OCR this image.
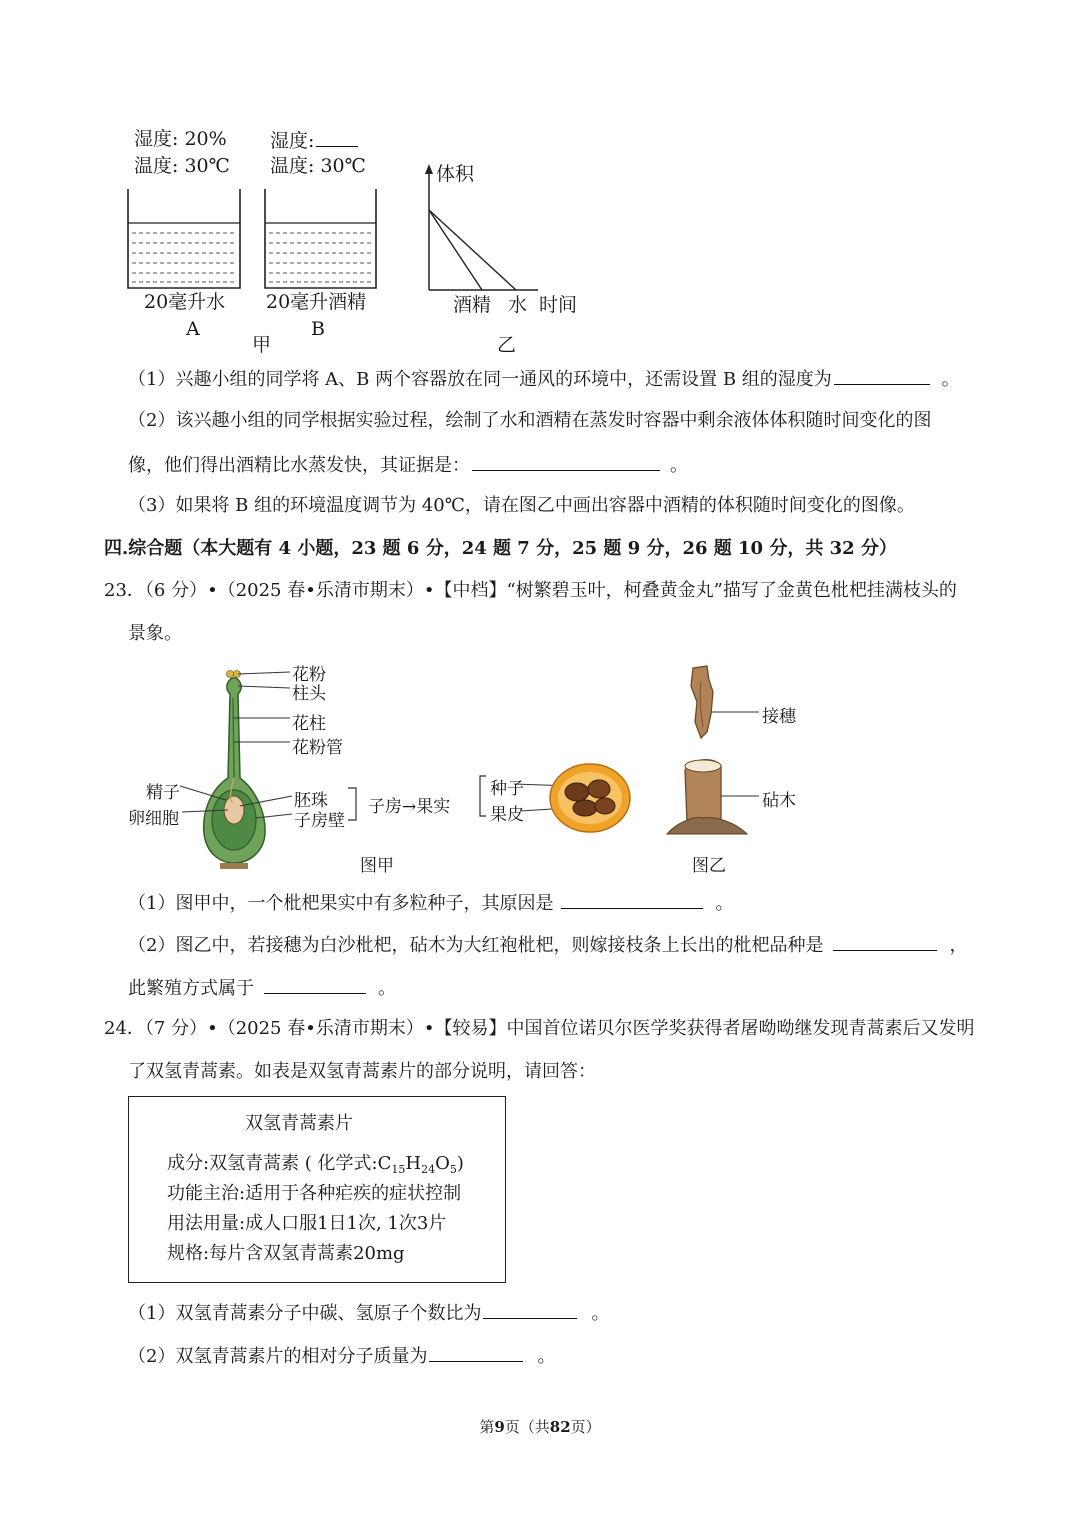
湿度: 20%
温度: 30℃
湿度:
温度: 30℃
20毫升水
A
20毫升酒精
B
甲
体积
酒精 水 时间
乙
（1）兴趣小组的同学将 A、B 两个容器放在同一通风的环境中，还需设置 B 组的湿度为	。
（2）该兴趣小组的同学根据实验过程，绘制了水和酒精在蒸发时容器中剩余液体体积随时间变化的图
像，他们得出酒精比水蒸发快，其证据是：	。
（3）如果将 B 组的环境温度调节为 40℃，请在图乙中画出容器中酒精的体积随时间变化的图像。
四.综合题（本大题有 4 小题，23 题 6 分，24 题 7 分，25 题 9 分，26 题 10 分，共 32 分）
23．（6 分）•（2025 春•乐清市期末）•【中档】“树繁碧玉叶，柯叠黄金丸”描写了金黄色枇杷挂满枝头的
景象。
花粉
柱头
花柱
花粉管
精子
卵细胞
胚珠
子房壁
子房→果实
种子
果皮
图甲
接穗
砧木
图乙
（1）图甲中，一个枇杷果实中有多粒种子，其原因是	。
（2）图乙中，若接穗为白沙枇杷，砧木为大红袍枇杷，则嫁接枝条上长出的枇杷品种是	，
此繁殖方式属于	。
24．（7 分）•（2025 春•乐清市期末）•【较易】中国首位诺贝尔医学奖获得者屠呦呦继发现青蒿素后又发明
了双氢青蒿素。如表是双氢青蒿素片的部分说明，请回答：
双氢青蒿素片
成分:双氢青蒿素 ( 化学式$:C_{15}H_{24}O_5$)
功能主治:适用于各种疟疾的症状控制
用法用量:成人口服1日1次, 1次3片
规格:每片含双氢青蒿素20mg
（1）双氢青蒿素分子中碳、氢原子个数比为	。
（2）双氢青蒿素片的相对分子质量为	。
第9页（共82页）
